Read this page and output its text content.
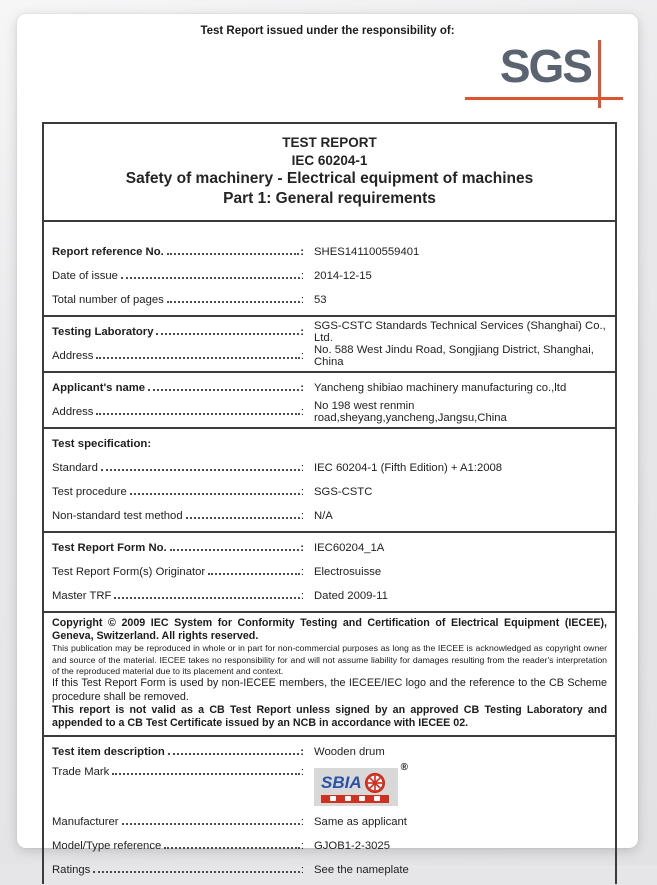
Test Report issued under the responsibility of:
SGS
TEST REPORT
IEC 60204-1
Safety of machinery - Electrical equipment of machines
Part 1: General requirements
Report reference No.	: SHES141100559401
Date of issue	: 2014-12-15
Total number of pages	: 53
Testing Laboratory	: SGS-CSTC Standards Technical Services (Shanghai) Co., Ltd.
Address	: No. 588 West Jindu Road, Songjiang District, Shanghai, China
Applicant's name	: Yancheng shibiao machinery manufacturing co.,ltd
Address	: No 198 west renmin road,sheyang,yancheng,Jangsu,China
Test specification:
Standard	: IEC 60204-1 (Fifth Edition) + A1:2008
Test procedure	: SGS-CSTC
Non-standard test method	: N/A
Test Report Form No.	: IEC60204_1A
Test Report Form(s) Originator	: Electrosuisse
Master TRF	: Dated 2009-11
Copyright © 2009 IEC System for Conformity Testing and Certification of Electrical Equipment (IECEE), Geneva, Switzerland. All rights reserved.
This publication may be reproduced in whole or in part for non-commercial purposes as long as the IECEE is acknowledged as copyright owner and source of the material. IECEE takes no responsibility for and will not assume liability for damages resulting from the reader's interpretation of the reproduced material due to its placement and context.
If this Test Report Form is used by non-IECEE members, the IECEE/IEC logo and the reference to the CB Scheme procedure shall be removed.
This report is not valid as a CB Test Report unless signed by an approved CB Testing Laboratory and appended to a CB Test Certificate issued by an NCB in accordance with IECEE 02.
Test item description	: Wooden drum
Trade Mark	:
SBIA
®
Manufacturer	: Same as applicant
Model/Type reference	: GJOB1-2-3025
Ratings	: See the nameplate
